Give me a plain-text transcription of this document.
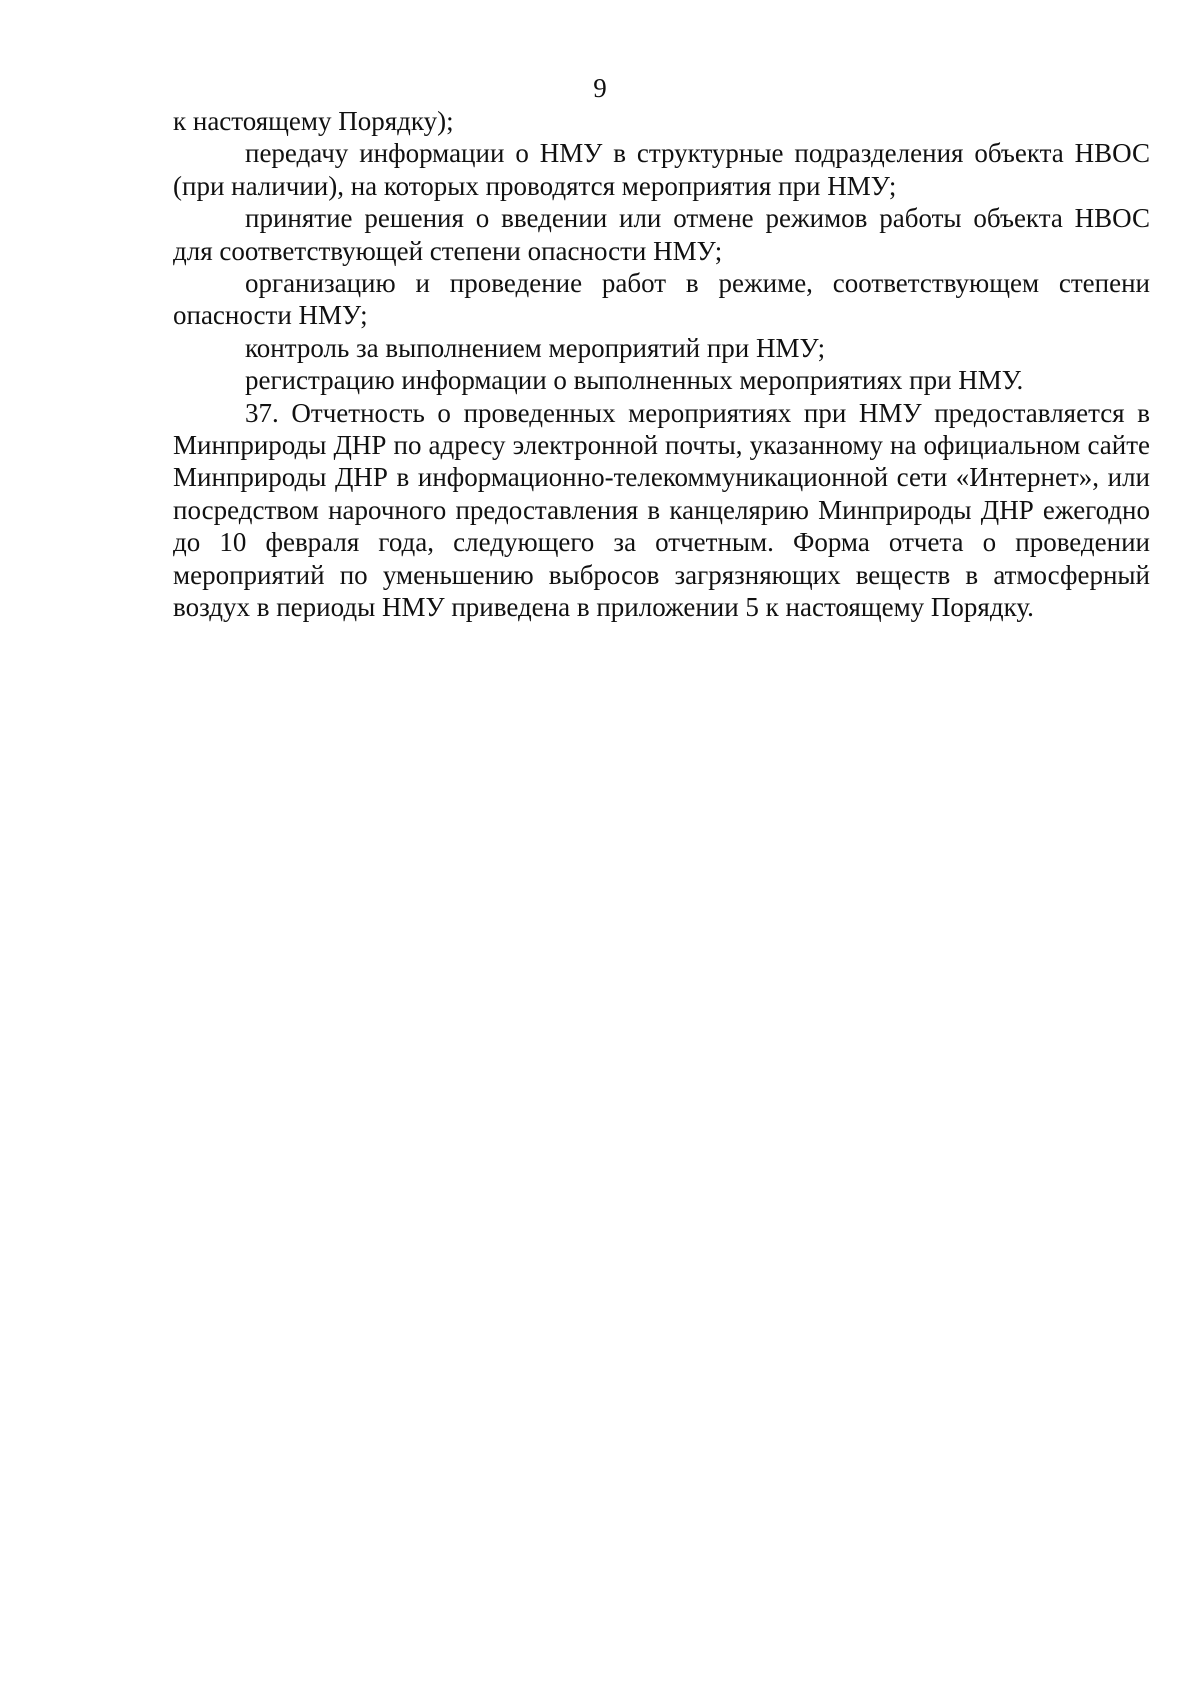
9

к настоящему Порядку);

передачу информации о НМУ в структурные подразделения объекта НВОС (при наличии), на которых проводятся мероприятия при НМУ;

принятие решения о введении или отмене режимов работы объекта НВОС для соответствующей степени опасности НМУ;

организацию и проведение работ в режиме, соответствующем степени опасности НМУ;

контроль за выполнением мероприятий при НМУ;

регистрацию информации о выполненных мероприятиях при НМУ.

37. Отчетность о проведенных мероприятиях при НМУ предоставляется в Минприроды ДНР по адресу электронной почты, указанному на официальном сайте Минприроды ДНР в информационно-телекоммуникационной сети «Интернет», или посредством нарочного предоставления в канцелярию Минприроды ДНР ежегодно до 10 февраля года, следующего за отчетным. Форма отчета о проведении мероприятий по уменьшению выбросов загрязняющих веществ в атмосферный воздух в периоды НМУ приведена в приложении 5 к настоящему Порядку.
